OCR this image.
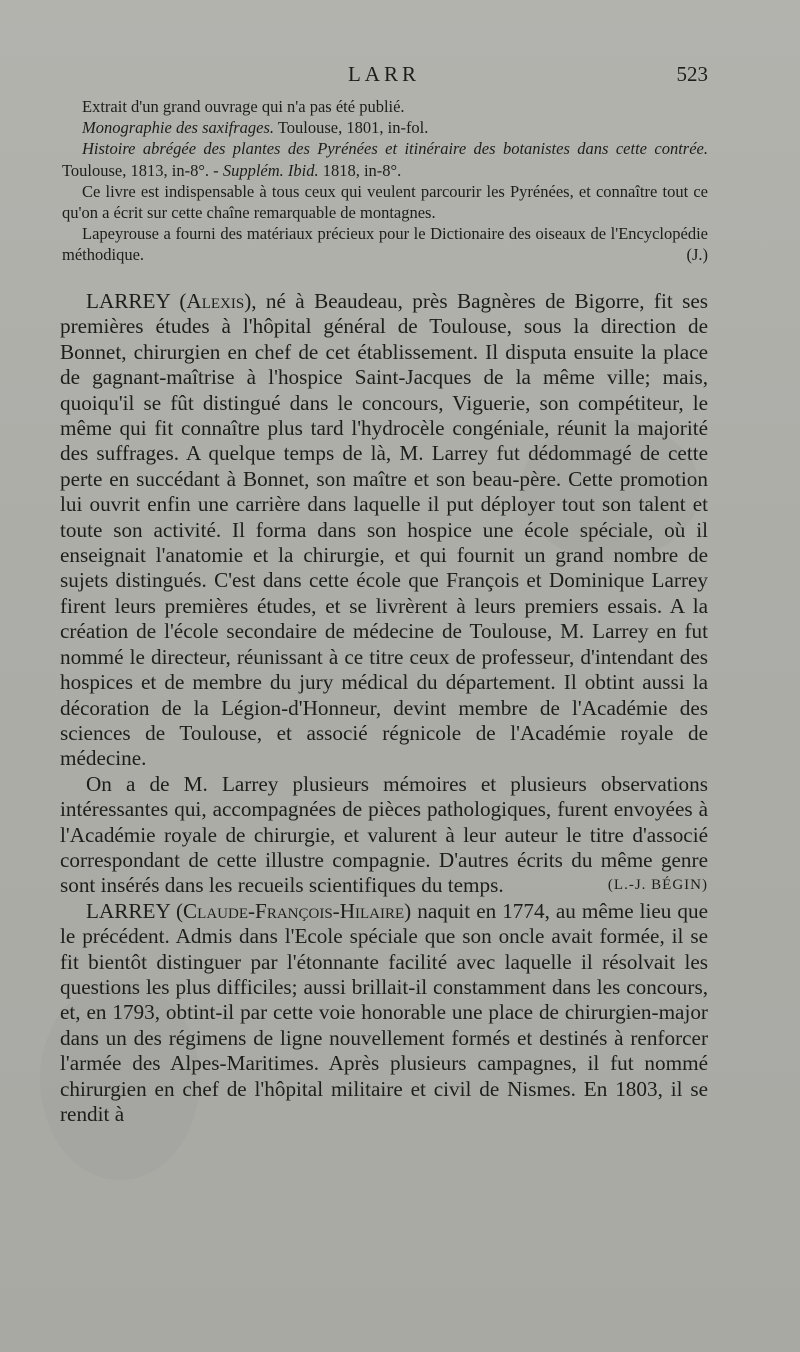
LARR	523

Extrait d'un grand ouvrage qui n'a pas été publié.

Monographie des saxifrages. Toulouse, 1801, in-fol.

Histoire abrégée des plantes des Pyrénées et itinéraire des botanistes dans cette contrée. Toulouse, 1813, in-8°. - Supplém. Ibid. 1818, in-8°.

Ce livre est indispensable à tous ceux qui veulent parcourir les Pyrénées, et connaître tout ce qu'on a écrit sur cette chaîne remarquable de montagnes.

Lapeyrouse a fourni des matériaux précieux pour le Dictionaire des oiseaux de l'Encyclopédie méthodique.	(J.)

LARREY (Alexis), né à Beaudeau, près Bagnères de Bigorre, fit ses premières études à l'hôpital général de Toulouse, sous la direction de Bonnet, chirurgien en chef de cet établissement. Il disputa ensuite la place de gagnant-maîtrise à l'hospice Saint-Jacques de la même ville; mais, quoiqu'il se fût distingué dans le concours, Viguerie, son compétiteur, le même qui fit connaître plus tard l'hydrocèle congéniale, réunit la majorité des suffrages. A quelque temps de là, M. Larrey fut dédommagé de cette perte en succédant à Bonnet, son maître et son beau-père. Cette promotion lui ouvrit enfin une carrière dans laquelle il put déployer tout son talent et toute son activité. Il forma dans son hospice une école spéciale, où il enseignait l'anatomie et la chirurgie, et qui fournit un grand nombre de sujets distingués. C'est dans cette école que François et Dominique Larrey firent leurs premières études, et se livrèrent à leurs premiers essais. A la création de l'école secondaire de médecine de Toulouse, M. Larrey en fut nommé le directeur, réunissant à ce titre ceux de professeur, d'intendant des hospices et de membre du jury médical du département. Il obtint aussi la décoration de la Légion-d'Honneur, devint membre de l'Académie des sciences de Toulouse, et associé régnicole de l'Académie royale de médecine.

On a de M. Larrey plusieurs mémoires et plusieurs observations intéressantes qui, accompagnées de pièces pathologiques, furent envoyées à l'Académie royale de chirurgie, et valurent à leur auteur le titre d'associé correspondant de cette illustre compagnie. D'autres écrits du même genre sont insérés dans les recueils scientifiques du temps.	(L.-J. BÉGIN)

LARREY (Claude-François-Hilaire) naquit en 1774, au même lieu que le précédent. Admis dans l'Ecole spéciale que son oncle avait formée, il se fit bientôt distinguer par l'étonnante facilité avec laquelle il résolvait les questions les plus difficiles; aussi brillait-il constamment dans les concours, et, en 1793, obtint-il par cette voie honorable une place de chirurgien-major dans un des régimens de ligne nouvellement formés et destinés à renforcer l'armée des Alpes-Maritimes. Après plusieurs campagnes, il fut nommé chirurgien en chef de l'hôpital militaire et civil de Nismes. En 1803, il se rendit à
